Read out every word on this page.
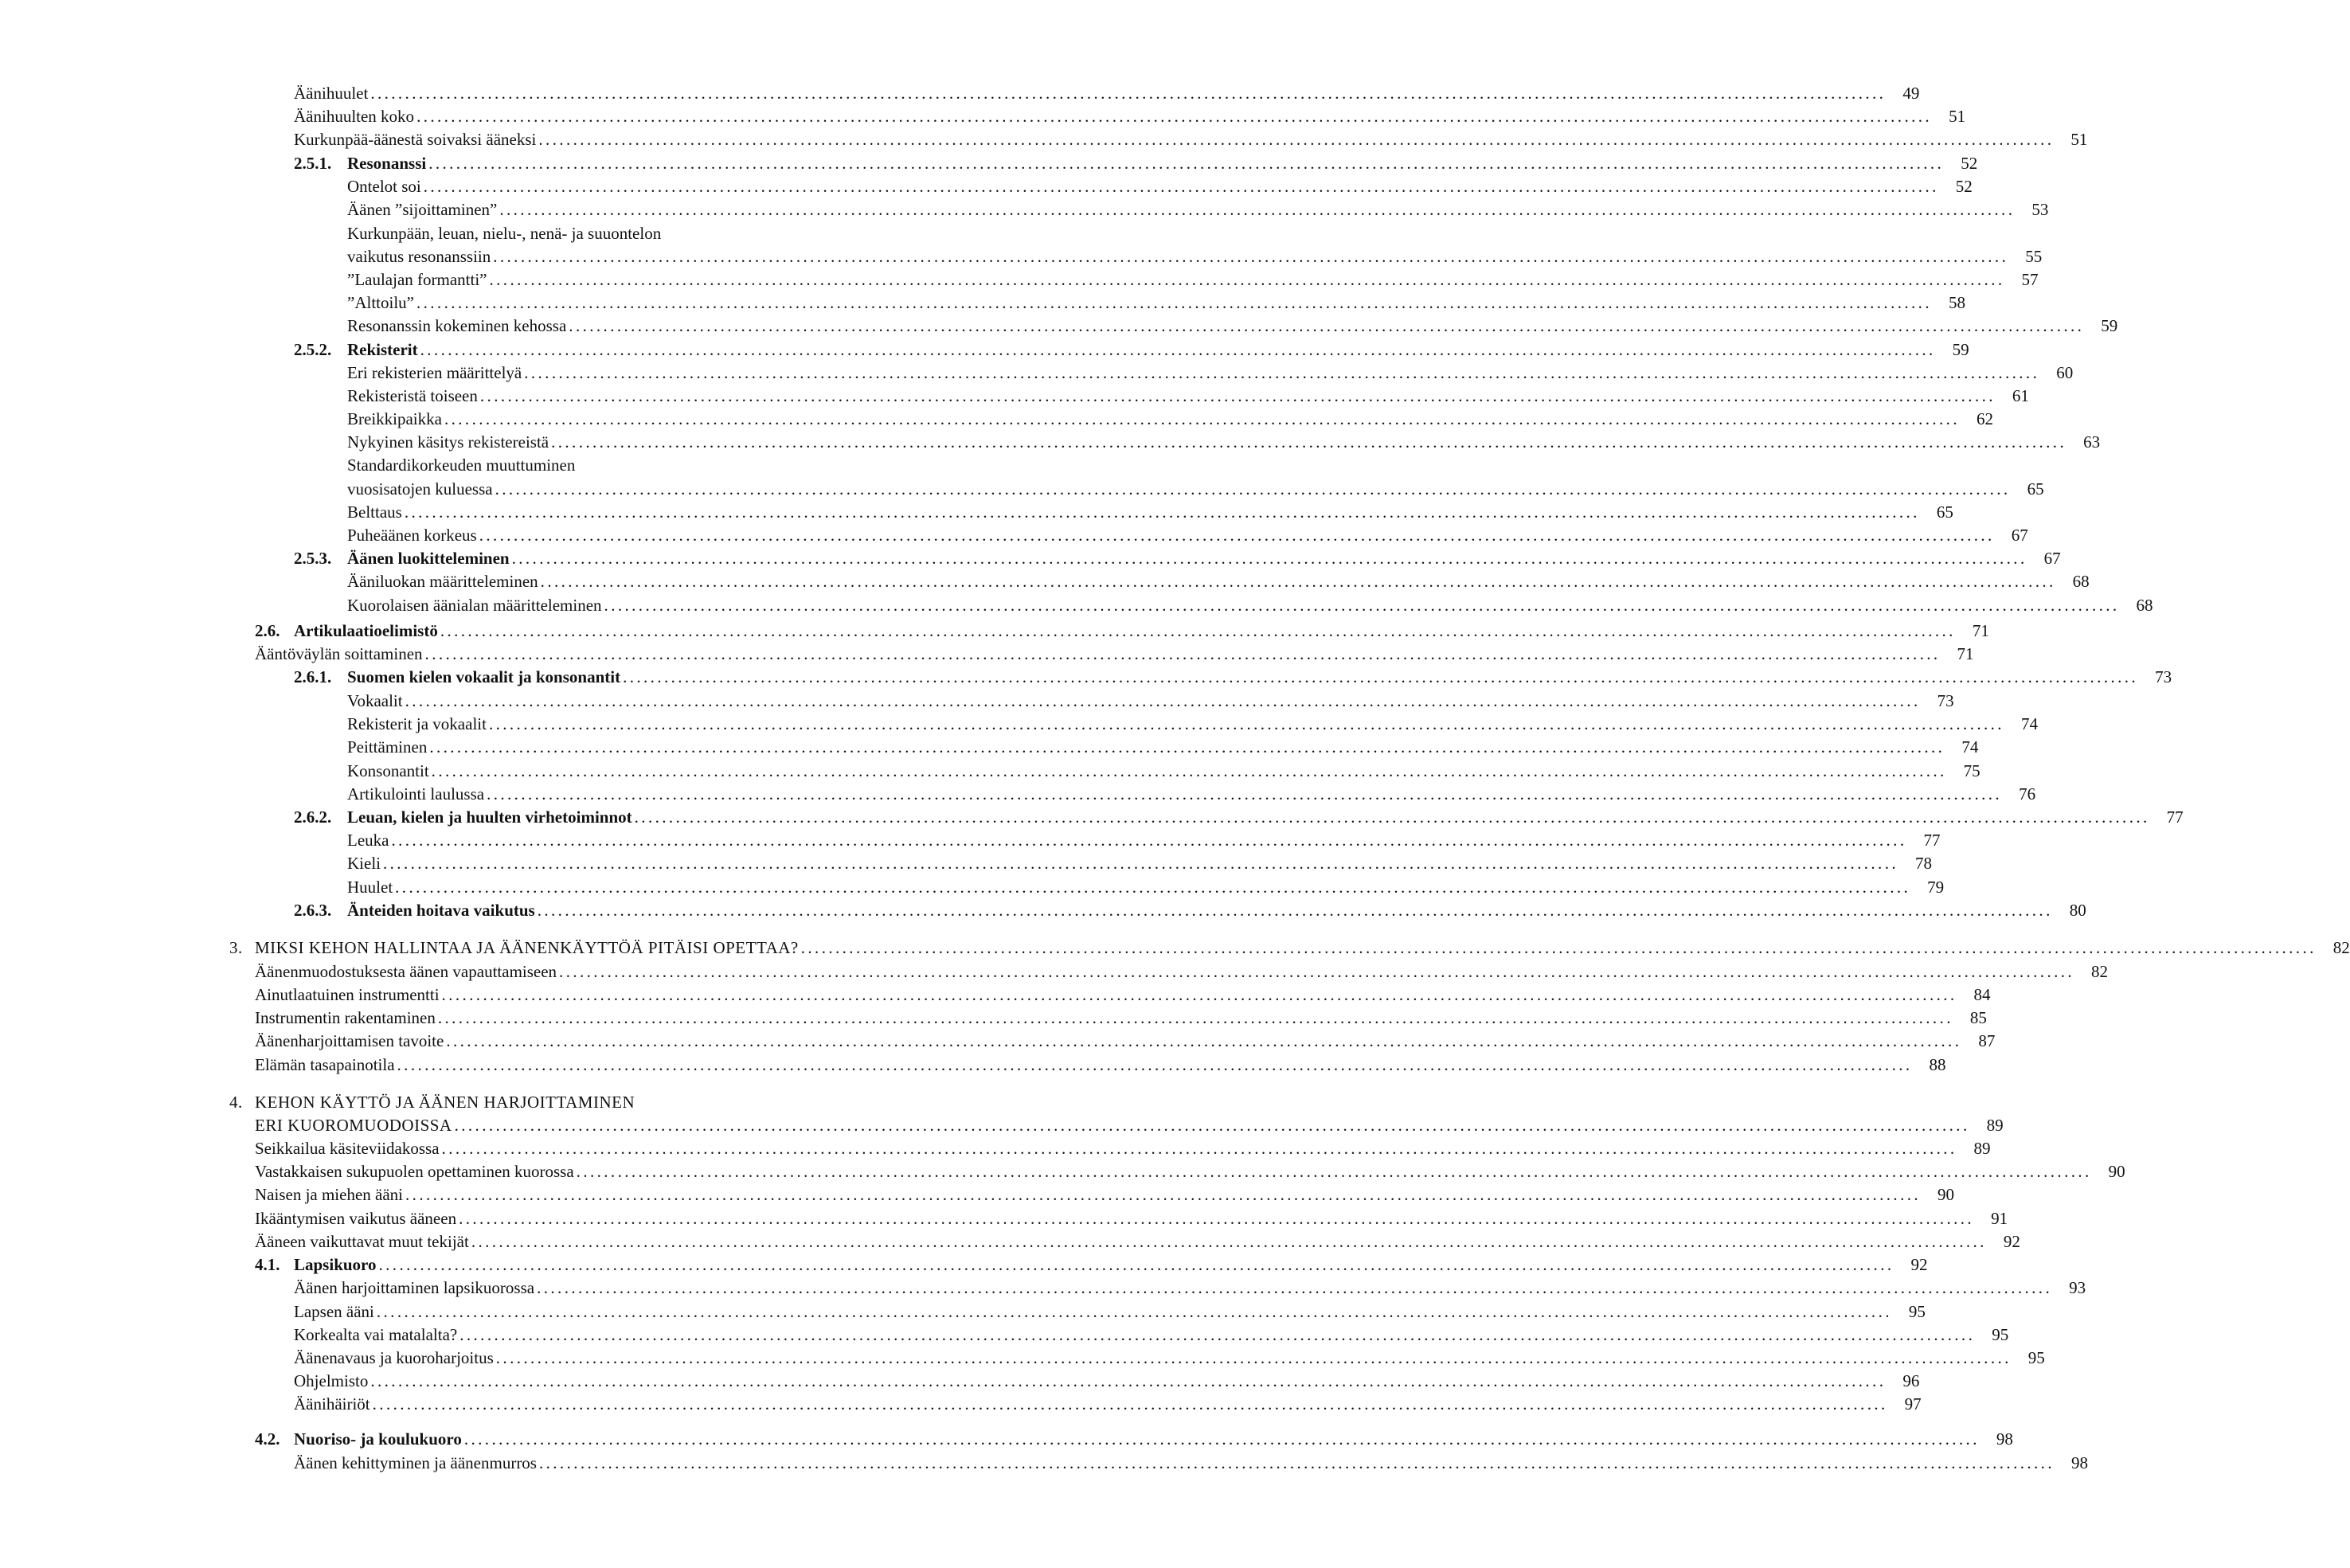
Äänihuulet ............................................................................................................................................................................................................................	49
Äänihuulten koko ............................................................................................................................................................................................................................	51
Kurkunpää-äänestä soivaksi ääneksi ............................................................................................................................................................................................................................	51
2.5.1. Resonanssi ............................................................................................................................................................................................................................	52
Ontelot soi ............................................................................................................................................................................................................................	52
Äänen ”sijoittaminen” ............................................................................................................................................................................................................................	53
Kurkunpään, leuan, nielu-, nenä- ja suuontelon
vaikutus resonanssiin ............................................................................................................................................................................................................................	55
”Laulajan formantti” ............................................................................................................................................................................................................................	57
”Alttoilu” ............................................................................................................................................................................................................................	58
Resonanssin kokeminen kehossa ............................................................................................................................................................................................................................	59
2.5.2. Rekisterit ............................................................................................................................................................................................................................	59
Eri rekisterien määrittelyä ............................................................................................................................................................................................................................	60
Rekisteristä toiseen ............................................................................................................................................................................................................................	61
Breikkipaikka ............................................................................................................................................................................................................................	62
Nykyinen käsitys rekistereistä ............................................................................................................................................................................................................................	63
Standardikorkeuden muuttuminen
vuosisatojen kuluessa ............................................................................................................................................................................................................................	65
Belttaus ............................................................................................................................................................................................................................	65
Puheäänen korkeus ............................................................................................................................................................................................................................	67
2.5.3. Äänen luokitteleminen ............................................................................................................................................................................................................................	67
Ääniluokan määritteleminen ............................................................................................................................................................................................................................	68
Kuorolaisen äänialan määritteleminen ............................................................................................................................................................................................................................	68
2.6. Artikulaatioelimistö ............................................................................................................................................................................................................................	71
Ääntöväylän soittaminen ............................................................................................................................................................................................................................	71
2.6.1. Suomen kielen vokaalit ja konsonantit ............................................................................................................................................................................................................................	73
Vokaalit ............................................................................................................................................................................................................................	73
Rekisterit ja vokaalit ............................................................................................................................................................................................................................	74
Peittäminen ............................................................................................................................................................................................................................	74
Konsonantit ............................................................................................................................................................................................................................	75
Artikulointi laulussa ............................................................................................................................................................................................................................	76
2.6.2. Leuan, kielen ja huulten virhetoiminnot ............................................................................................................................................................................................................................	77
Leuka ............................................................................................................................................................................................................................	77
Kieli ............................................................................................................................................................................................................................	78
Huulet ............................................................................................................................................................................................................................	79
2.6.3. Änteiden hoitava vaikutus ............................................................................................................................................................................................................................	80
3. MIKSI KEHON HALLINTAA JA ÄÄNENKÄYTTÖÄ PITÄISI OPETTAA? ............................................................................................................................................................................................................................	82
Äänenmuodostuksesta äänen vapauttamiseen ............................................................................................................................................................................................................................	82
Ainutlaatuinen instrumentti ............................................................................................................................................................................................................................	84
Instrumentin rakentaminen ............................................................................................................................................................................................................................	85
Äänenharjoittamisen tavoite ............................................................................................................................................................................................................................	87
Elämän tasapainotila ............................................................................................................................................................................................................................	88
4. KEHON KÄYTTÖ JA ÄÄNEN HARJOITTAMINEN
ERI KUOROMUODOISSA ............................................................................................................................................................................................................................	89
Seikkailua käsiteviidakossa ............................................................................................................................................................................................................................	89
Vastakkaisen sukupuolen opettaminen kuorossa ............................................................................................................................................................................................................................	90
Naisen ja miehen ääni ............................................................................................................................................................................................................................	90
Ikääntymisen vaikutus ääneen ............................................................................................................................................................................................................................	91
Ääneen vaikuttavat muut tekijät ............................................................................................................................................................................................................................	92
4.1. Lapsikuoro ............................................................................................................................................................................................................................	92
Äänen harjoittaminen lapsikuorossa ............................................................................................................................................................................................................................	93
Lapsen ääni ............................................................................................................................................................................................................................	95
Korkealta vai matalalta? ............................................................................................................................................................................................................................	95
Äänenavaus ja kuoroharjoitus ............................................................................................................................................................................................................................	95
Ohjelmisto ............................................................................................................................................................................................................................	96
Äänihäiriöt ............................................................................................................................................................................................................................	97
4.2. Nuoriso- ja koulukuoro ............................................................................................................................................................................................................................	98
Äänen kehittyminen ja äänenmurros ............................................................................................................................................................................................................................	98
